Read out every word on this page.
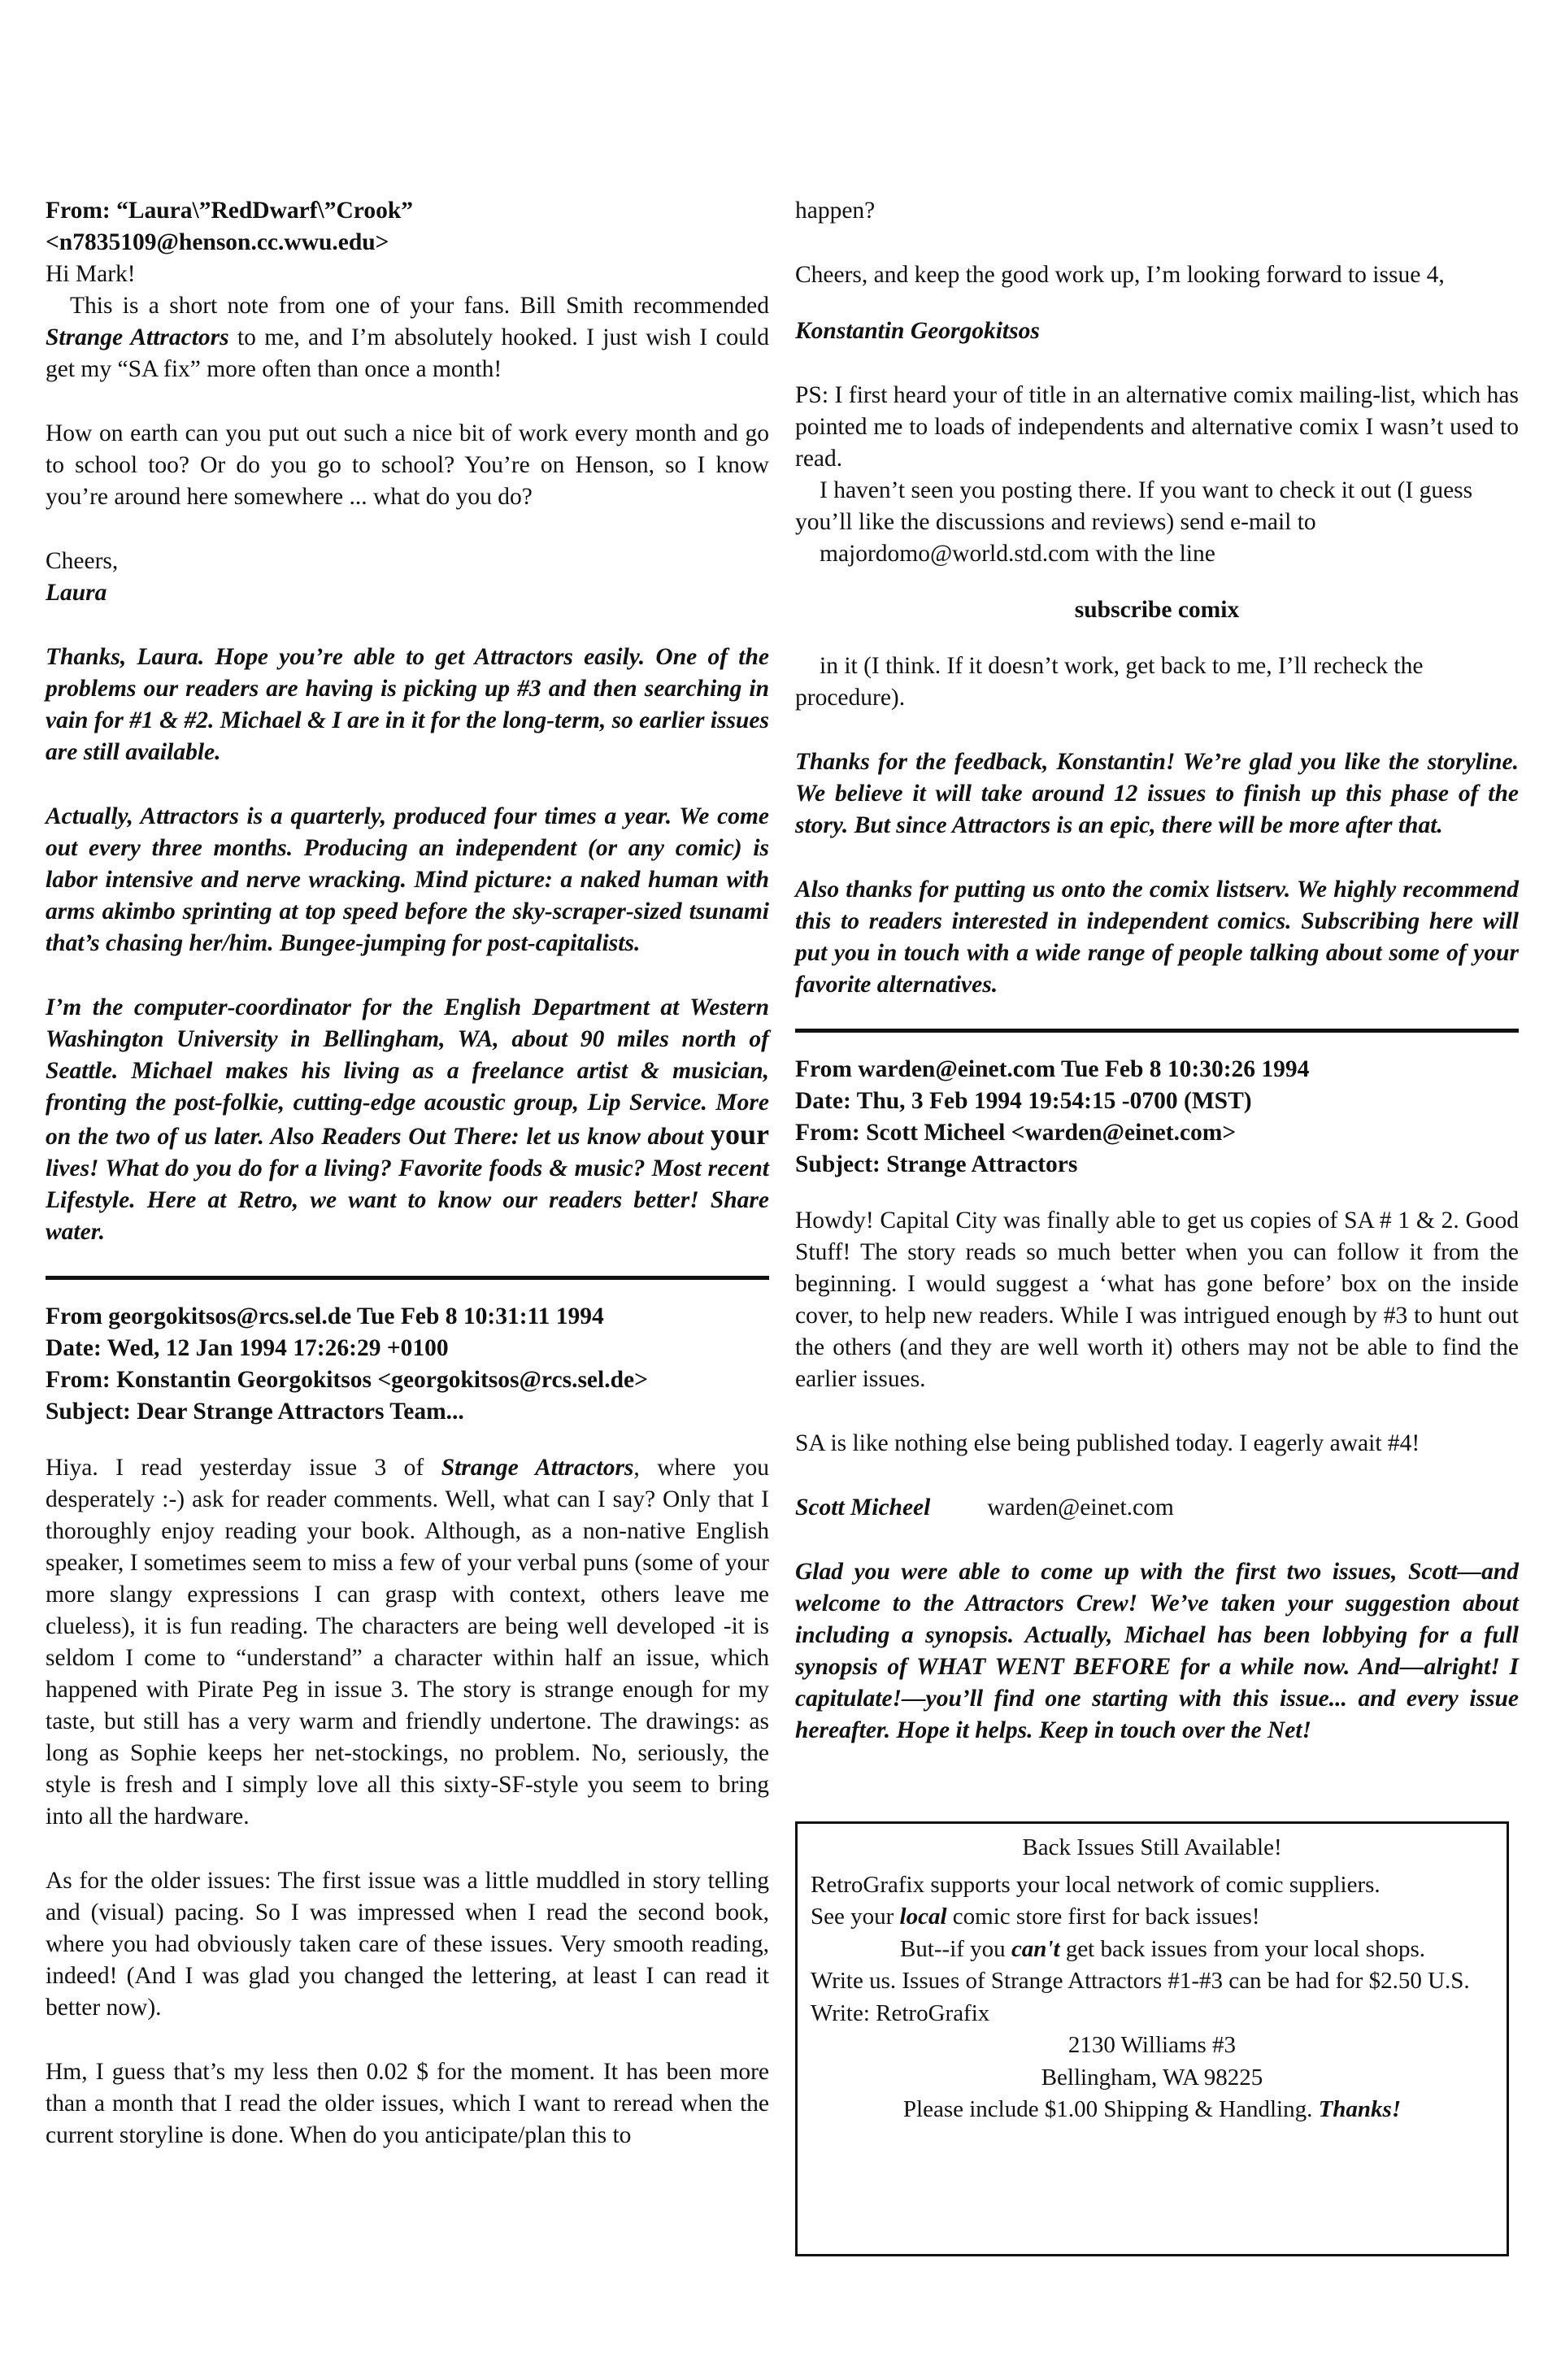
From: “Laura\”RedDwarf\”Crook”

<n7835109@henson.cc.wwu.edu>

Hi Mark!

This is a short note from one of your fans. Bill Smith recommended Strange Attractors to me, and I’m absolutely hooked. I just wish I could get my “SA fix” more often than once a month!

How on earth can you put out such a nice bit of work every month and go to school too? Or do you go to school? You’re on Henson, so I know you’re around here somewhere ... what do you do?

Cheers,

Laura

Thanks, Laura. Hope you’re able to get Attractors easily. One of the problems our readers are having is picking up #3 and then searching in vain for #1 & #2. Michael & I are in it for the long-term, so earlier issues are still available.

Actually, Attractors is a quarterly, produced four times a year. We come out every three months. Producing an independent (or any comic) is labor intensive and nerve wracking. Mind picture: a naked human with arms akimbo sprinting at top speed before the sky-scraper-sized tsunami that’s chasing her/him. Bungee-jumping for post-capitalists.

I’m the computer-coordinator for the English Department at Western Washington University in Bellingham, WA, about 90 miles north of Seattle. Michael makes his living as a freelance artist & musician, fronting the post-folkie, cutting-edge acoustic group, Lip Service. More on the two of us later. Also Readers Out There: let us know about your lives! What do you do for a living? Favorite foods & music? Most recent Lifestyle. Here at Retro, we want to know our readers better! Share water.

From georgokitsos@rcs.sel.de Tue Feb 8 10:31:11 1994

Date: Wed, 12 Jan 1994 17:26:29 +0100

From: Konstantin Georgokitsos <georgokitsos@rcs.sel.de>

Subject: Dear Strange Attractors Team...

Hiya. I read yesterday issue 3 of Strange Attractors, where you desperately :-) ask for reader comments. Well, what can I say? Only that I thoroughly enjoy reading your book. Although, as a non-native English speaker, I sometimes seem to miss a few of your verbal puns (some of your more slangy expressions I can grasp with context, others leave me clueless), it is fun reading. The characters are being well developed -it is seldom I come to “understand” a character within half an issue, which happened with Pirate Peg in issue 3. The story is strange enough for my taste, but still has a very warm and friendly undertone. The drawings: as long as Sophie keeps her net-stockings, no problem. No, seriously, the style is fresh and I simply love all this sixty-SF-style you seem to bring into all the hardware.

As for the older issues: The first issue was a little muddled in story telling and (visual) pacing. So I was impressed when I read the second book, where you had obviously taken care of these issues. Very smooth reading, indeed! (And I was glad you changed the lettering, at least I can read it better now).

Hm, I guess that’s my less then 0.02 $ for the moment. It has been more than a month that I read the older issues, which I want to reread when the current storyline is done. When do you anticipate/plan this to

happen?

Cheers, and keep the good work up, I’m looking forward to issue 4,

Konstantin Georgokitsos

PS: I first heard your of title in an alternative comix mailing-list, which has pointed me to loads of independents and alternative comix I wasn’t used to read.

I haven’t seen you posting there. If you want to check it out (I guess you’ll like the discussions and reviews) send e-mail to

majordomo@world.std.com with the line

subscribe comix

in it (I think. If it doesn’t work, get back to me, I’ll recheck the procedure).

Thanks for the feedback, Konstantin! We’re glad you like the storyline. We believe it will take around 12 issues to finish up this phase of the story. But since Attractors is an epic, there will be more after that.

Also thanks for putting us onto the comix listserv. We highly recommend this to readers interested in independent comics. Subscribing here will put you in touch with a wide range of people talking about some of your favorite alternatives.

From warden@einet.com Tue Feb 8 10:30:26 1994

Date: Thu, 3 Feb 1994 19:54:15 -0700 (MST)

From: Scott Micheel <warden@einet.com>

Subject: Strange Attractors

Howdy! Capital City was finally able to get us copies of SA # 1 & 2. Good Stuff! The story reads so much better when you can follow it from the beginning. I would suggest a ‘what has gone before’ box on the inside cover, to help new readers. While I was intrigued enough by #3 to hunt out the others (and they are well worth it) others may not be able to find the earlier issues.

SA is like nothing else being published today. I eagerly await #4!

Scott Micheel warden@einet.com

Glad you were able to come up with the first two issues, Scott—and welcome to the Attractors Crew! We’ve taken your suggestion about including a synopsis. Actually, Michael has been lobbying for a full synopsis of WHAT WENT BEFORE for a while now. And—alright! I capitulate!—you’ll find one starting with this issue... and every issue hereafter. Hope it helps. Keep in touch over the Net!

Back Issues Still Available!

RetroGrafix supports your local network of comic suppliers.

See your local comic store first for back issues!

But--if you can't get back issues from your local shops.

Write us. Issues of Strange Attractors #1-#3 can be had for $2.50 U.S. Write: RetroGrafix

2130 Williams #3

Bellingham, WA 98225

Please include $1.00 Shipping & Handling. Thanks!
